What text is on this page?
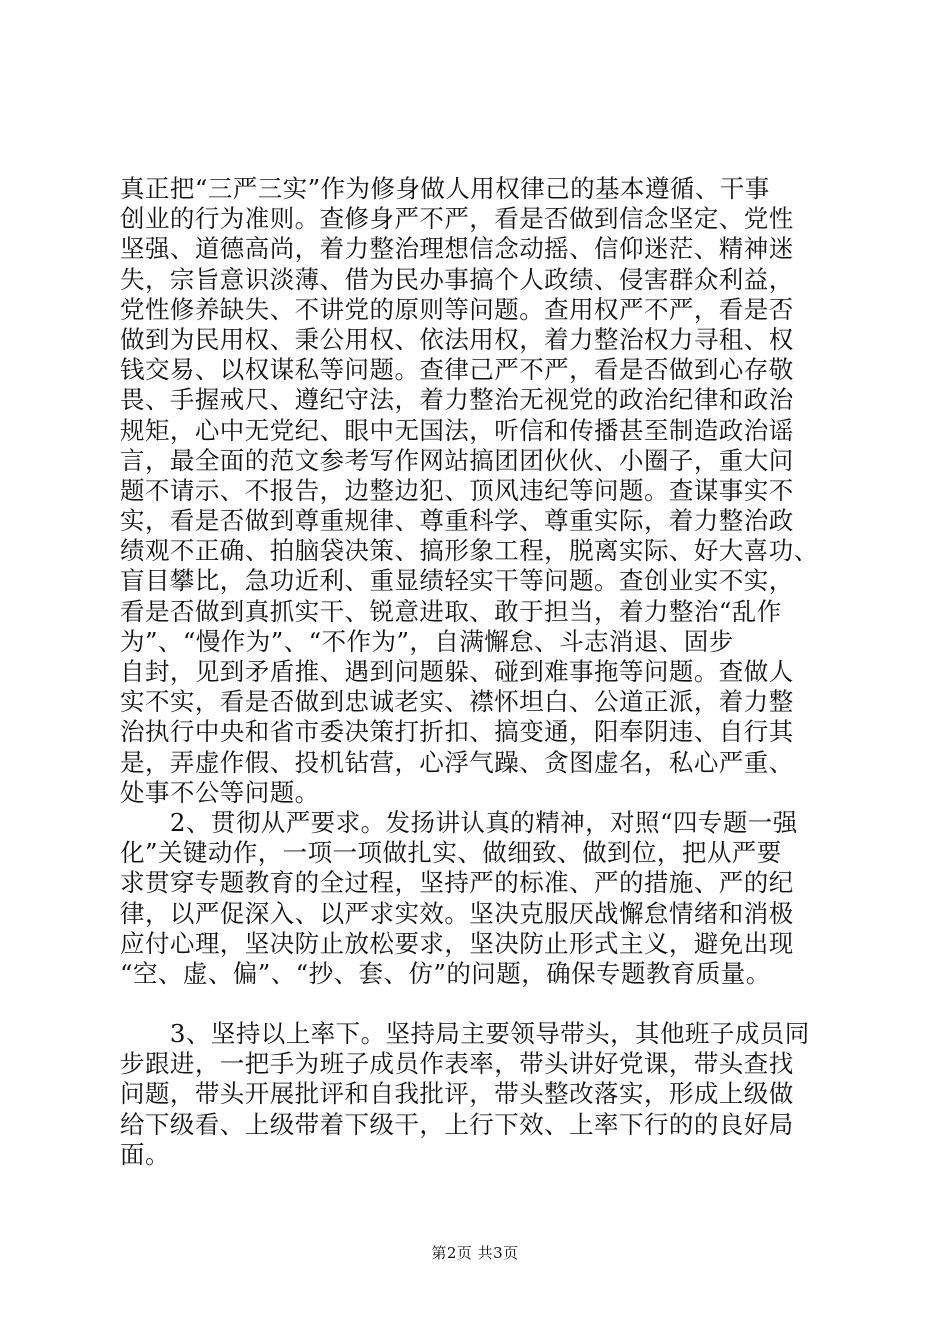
真正把“三严三实”作为修身做人用权律己的基本遵循、干事
创业的行为准则。查修身严不严，看是否做到信念坚定、党性
坚强、道德高尚，着力整治理想信念动摇、信仰迷茫、精神迷
失，宗旨意识淡薄、借为民办事搞个人政绩、侵害群众利益，
党性修养缺失、不讲党的原则等问题。查用权严不严，看是否
做到为民用权、秉公用权、依法用权，着力整治权力寻租、权
钱交易、以权谋私等问题。查律己严不严，看是否做到心存敬
畏、手握戒尺、遵纪守法，着力整治无视党的政治纪律和政治
规矩，心中无党纪、眼中无国法，听信和传播甚至制造政治谣
言，最全面的范文参考写作网站搞团团伙伙、小圈子，重大问
题不请示、不报告，边整边犯、顶风违纪等问题。查谋事实不
实，看是否做到尊重规律、尊重科学、尊重实际，着力整治政
绩观不正确、拍脑袋决策、搞形象工程，脱离实际、好大喜功、
盲目攀比，急功近利、重显绩轻实干等问题。查创业实不实，
看是否做到真抓实干、锐意进取、敢于担当，着力整治“乱作
为”、“慢作为”、“不作为”，自满懈怠、斗志消退、固步
自封，见到矛盾推、遇到问题躲、碰到难事拖等问题。查做人
实不实，看是否做到忠诚老实、襟怀坦白、公道正派，着力整
治执行中央和省市委决策打折扣、搞变通，阳奉阴违、自行其
是，弄虚作假、投机钻营，心浮气躁、贪图虚名，私心严重、
处事不公等问题。
　　2、贯彻从严要求。发扬讲认真的精神，对照“四专题一强
化”关键动作，一项一项做扎实、做细致、做到位，把从严要
求贯穿专题教育的全过程，坚持严的标准、严的措施、严的纪
律，以严促深入、以严求实效。坚决克服厌战懈怠情绪和消极
应付心理，坚决防止放松要求，坚决防止形式主义，避免出现
“空、虚、偏”、“抄、套、仿”的问题，确保专题教育质量。
　　3、坚持以上率下。坚持局主要领导带头，其他班子成员同
步跟进，一把手为班子成员作表率，带头讲好党课，带头查找
问题，带头开展批评和自我批评，带头整改落实，形成上级做
给下级看、上级带着下级干，上行下效、上率下行的的良好局
面。
第2页 共3页
